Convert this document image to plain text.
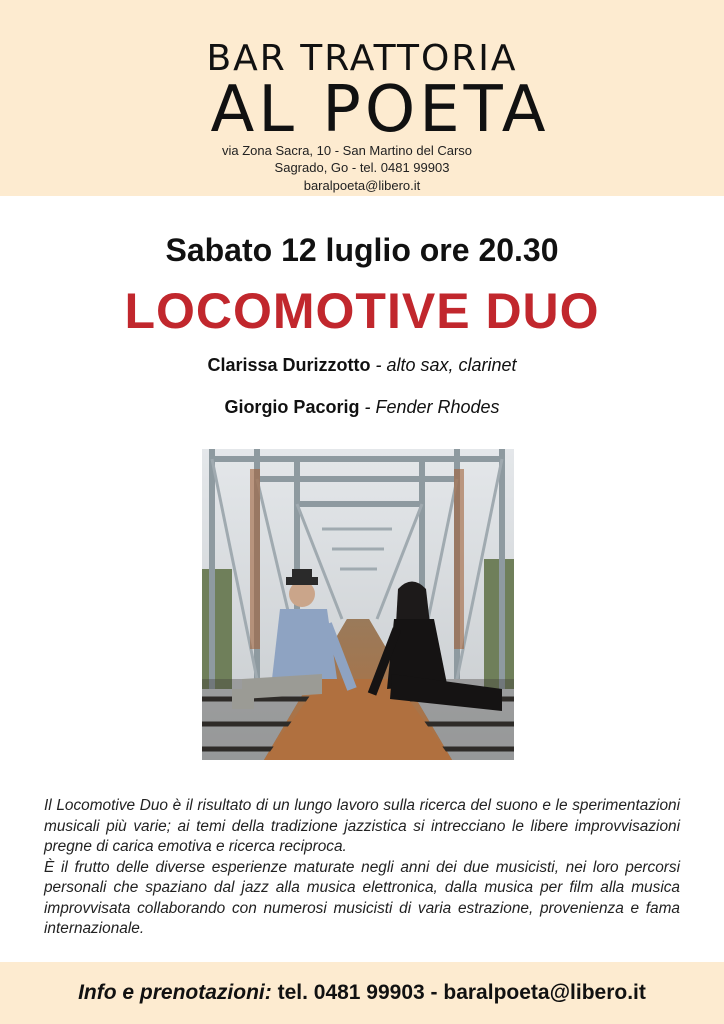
BAR TRATTORIA
AL POETA
via Zona Sacra, 10 - San Martino del Carso
Sagrado, Go - tel. 0481 99903
baralpoeta@libero.it
Sabato 12 luglio ore 20.30
LOCOMOTIVE DUO
Clarissa Durizzotto - alto sax, clarinet
Giorgio Pacorig - Fender Rhodes

Il Locomotive Duo è il risultato di un lungo lavoro sulla ricerca del suono e le sperimentazioni musicali più varie; ai temi della tradizione jazzistica si intrecciano le libere improvvisazioni pregne di carica emotiva e ricerca reciproca.

È il frutto delle diverse esperienze maturate negli anni dei due musicisti, nei loro percorsi personali che spaziano dal jazz alla musica elettronica, dalla musica per film alla musica improvvisata collaborando con numerosi musicisti di varia estrazione, provenienza e fama internazionale.

Info e prenotazioni: tel. 0481 99903 - baralpoeta@libero.it
